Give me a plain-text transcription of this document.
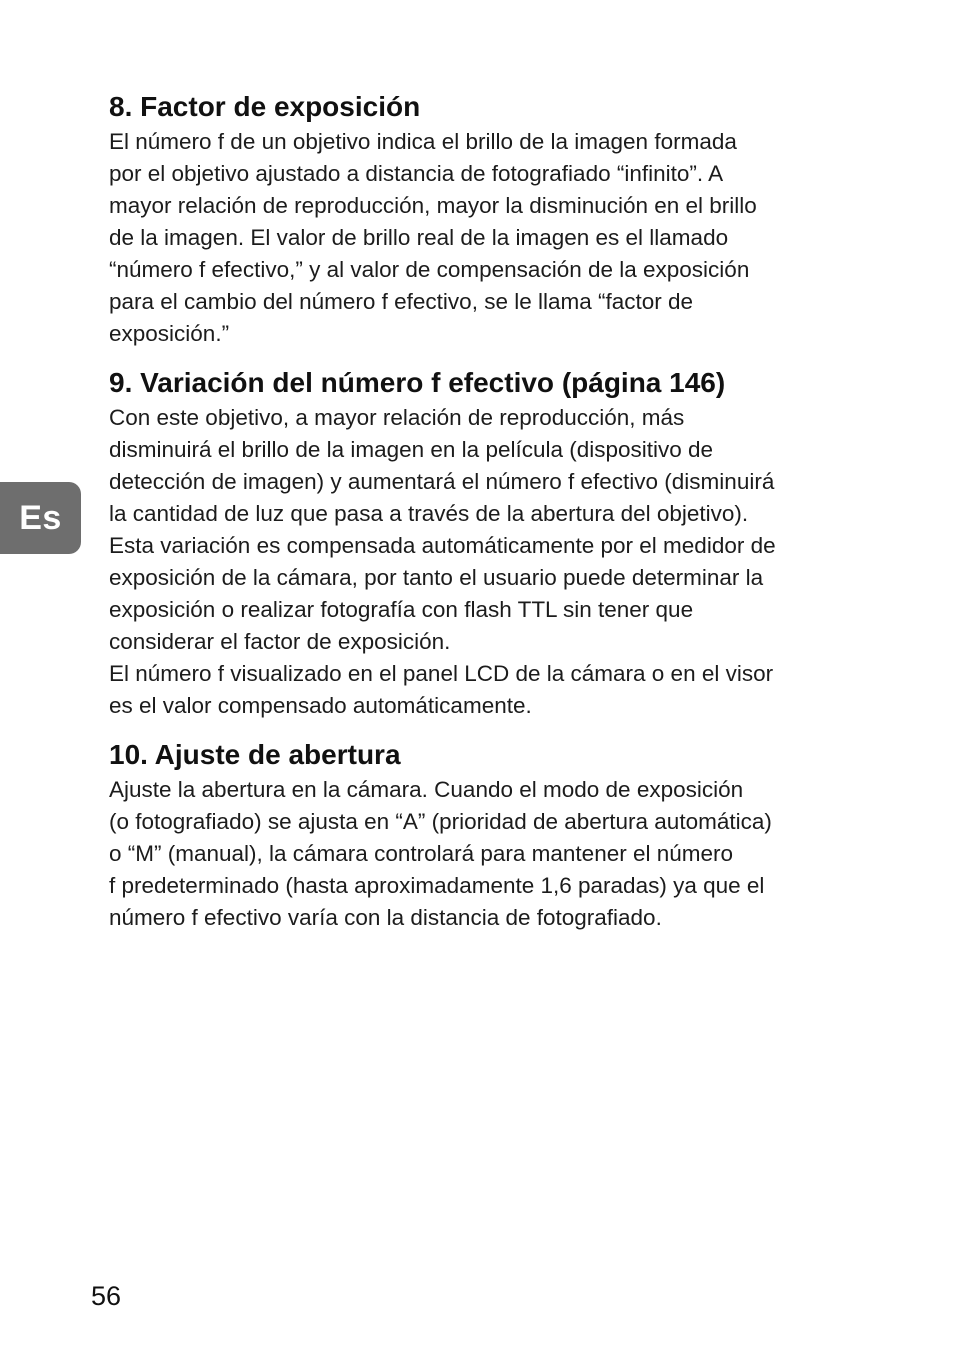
8. Factor de exposición

El número f de un objetivo indica el brillo de la imagen formada
por el objetivo ajustado a distancia de fotografiado “infinito”. A
mayor relación de reproducción, mayor la disminución en el brillo
de la imagen. El valor de brillo real de la imagen es el llamado
“número f efectivo,” y al valor de compensación de la exposición
para el cambio del número f efectivo, se le llama “factor de
exposición.”

9. Variación del número f efectivo (página 146)

Con este objetivo, a mayor relación de reproducción, más
disminuirá el brillo de la imagen en la película (dispositivo de
detección de imagen) y aumentará el número f efectivo (disminuirá
la cantidad de luz que pasa a través de la abertura del objetivo).
Esta variación es compensada automáticamente por el medidor de
exposición de la cámara, por tanto el usuario puede determinar la
exposición o realizar fotografía con flash TTL sin tener que
considerar el factor de exposición.
El número f visualizado en el panel LCD de la cámara o en el visor
es el valor compensado automáticamente.

10. Ajuste de abertura

Ajuste la abertura en la cámara. Cuando el modo de exposición
(o fotografiado) se ajusta en “A” (prioridad de abertura automática)
o “M” (manual), la cámara controlará para mantener el número
f predeterminado (hasta aproximadamente 1,6 paradas) ya que el
número f efectivo varía con la distancia de fotografiado.

Es
56
